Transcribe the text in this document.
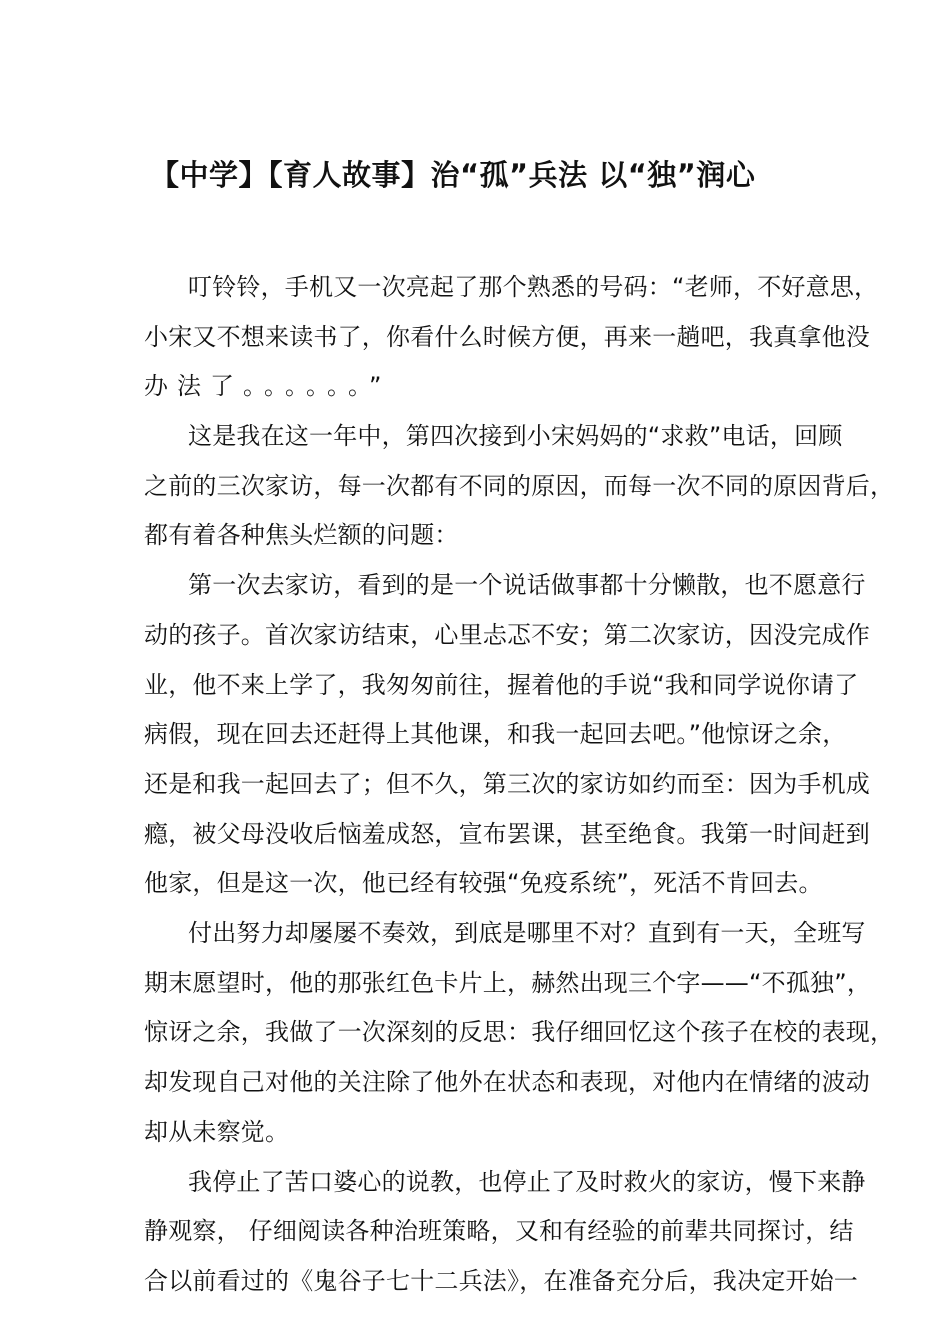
【中学】【育人故事】治“孤”兵法 以“独”润心
叮铃铃，手机又一次亮起了那个熟悉的号码：“老师，不好意思，
小宋又不想来读书了，你看什么时候方便，再来一趟吧，我真拿他没
办法了。。。。。。”
这是我在这一年中，第四次接到小宋妈妈的“求救”电话，回顾
之前的三次家访，每一次都有不同的原因，而每一次不同的原因背后，
都有着各种焦头烂额的问题：
第一次去家访，看到的是一个说话做事都十分懒散，也不愿意行
动的孩子。首次家访结束，心里忐忑不安；第二次家访，因没完成作
业，他不来上学了，我匆匆前往，握着他的手说“我和同学说你请了
病假，现在回去还赶得上其他课，和我一起回去吧。”他惊讶之余，
还是和我一起回去了；但不久，第三次的家访如约而至：因为手机成
瘾，被父母没收后恼羞成怒，宣布罢课，甚至绝食。我第一时间赶到
他家，但是这一次，他已经有较强“免疫系统”，死活不肯回去。
付出努力却屡屡不奏效，到底是哪里不对？直到有一天，全班写
期末愿望时，他的那张红色卡片上，赫然出现三个字——“不孤独”，
惊讶之余，我做了一次深刻的反思：我仔细回忆这个孩子在校的表现，
却发现自己对他的关注除了他外在状态和表现，对他内在情绪的波动
却从未察觉。
我停止了苦口婆心的说教，也停止了及时救火的家访，慢下来静
静观察， 仔细阅读各种治班策略，又和有经验的前辈共同探讨，结
合以前看过的《鬼谷子七十二兵法》，在准备充分后，我决定开始一
